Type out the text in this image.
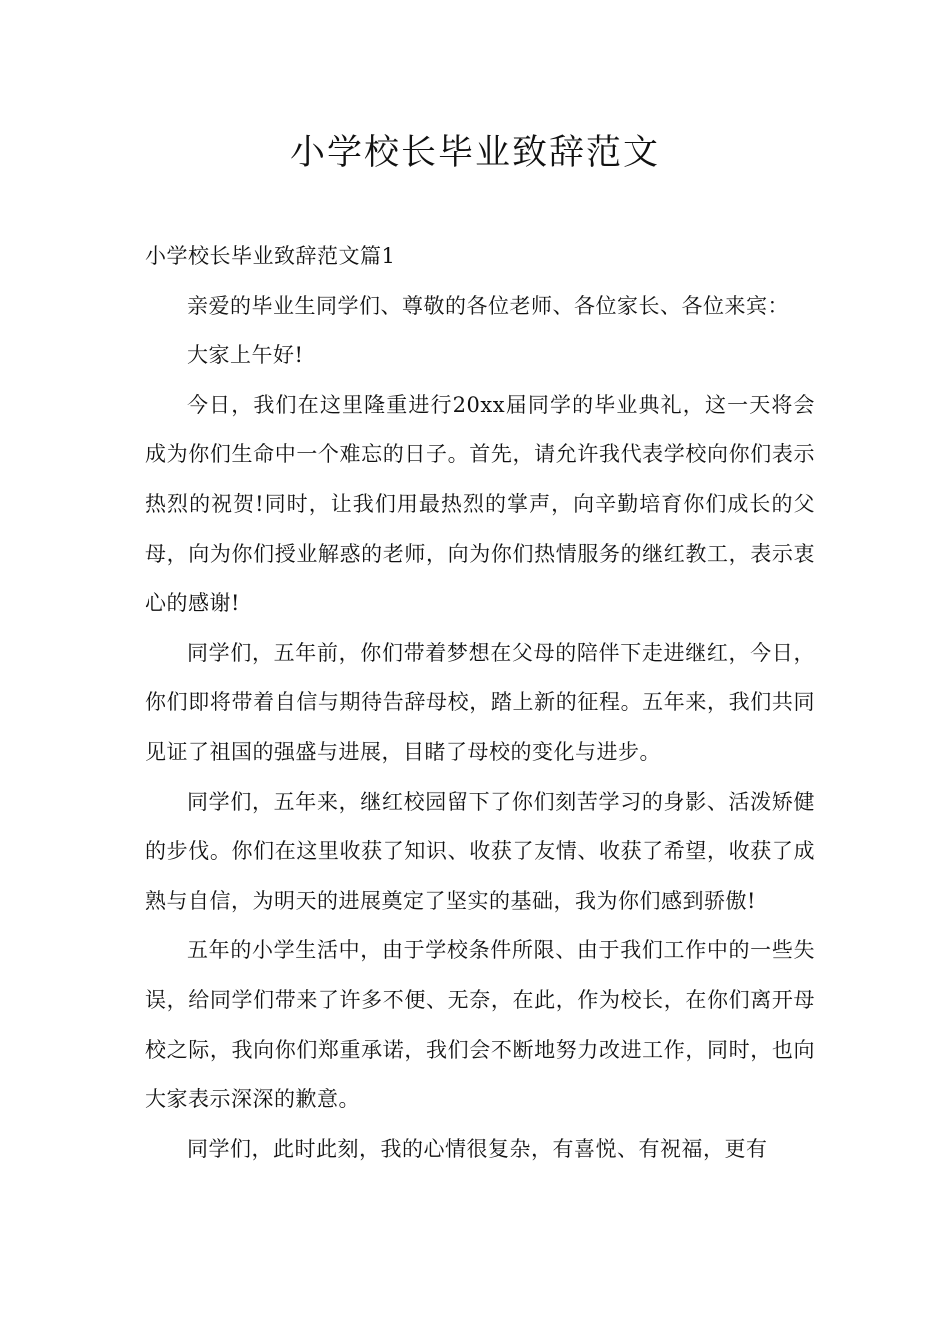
小学校长毕业致辞范文

小学校长毕业致辞范文篇1

亲爱的毕业生同学们、尊敬的各位老师、各位家长、各位来宾：

大家上午好!

今日，我们在这里隆重进行20xx届同学的毕业典礼，这一天将会成为你们生命中一个难忘的日子。首先，请允许我代表学校向你们表示热烈的祝贺!同时，让我们用最热烈的掌声，向辛勤培育你们成长的父母，向为你们授业解惑的老师，向为你们热情服务的继红教工，表示衷心的感谢!

同学们，五年前，你们带着梦想在父母的陪伴下走进继红，今日，你们即将带着自信与期待告辞母校，踏上新的征程。五年来，我们共同见证了祖国的强盛与进展，目睹了母校的变化与进步。

同学们，五年来，继红校园留下了你们刻苦学习的身影、活泼矫健的步伐。你们在这里收获了知识、收获了友情、收获了希望，收获了成熟与自信，为明天的进展奠定了坚实的基础，我为你们感到骄傲!

五年的小学生活中，由于学校条件所限、由于我们工作中的一些失误，给同学们带来了许多不便、无奈，在此，作为校长，在你们离开母校之际，我向你们郑重承诺，我们会不断地努力改进工作，同时，也向大家表示深深的歉意。

同学们，此时此刻，我的心情很复杂，有喜悦、有祝福，更有
